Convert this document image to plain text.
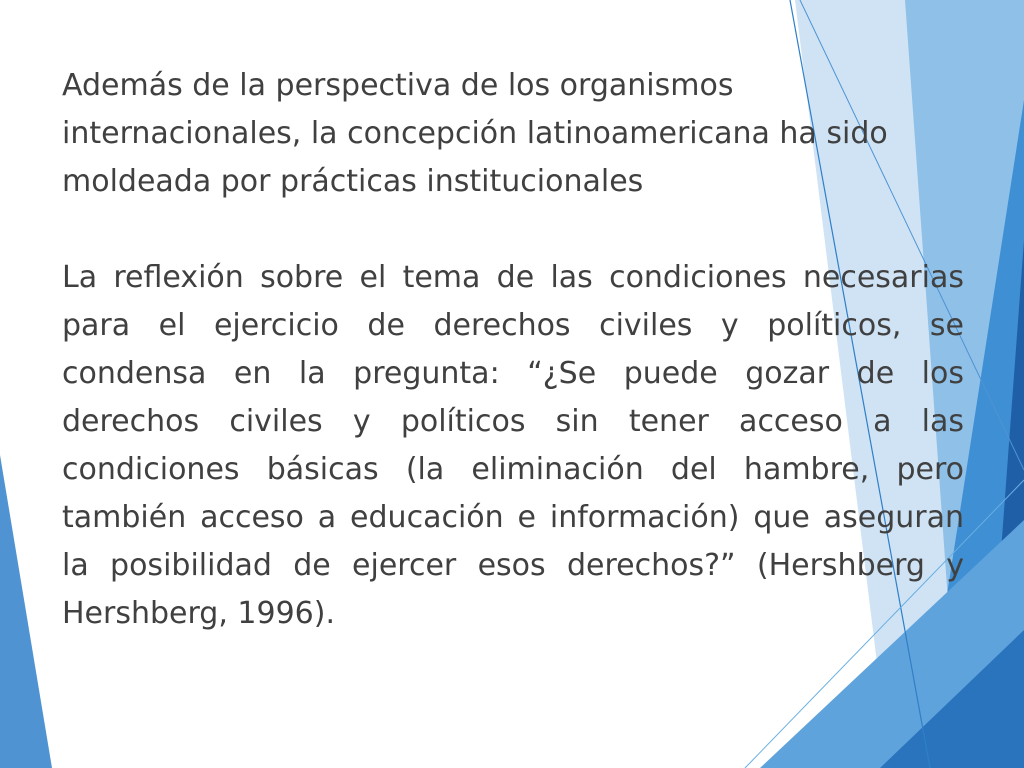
Además de la perspectiva de los organismos internacionales, la concepción latinoamericana ha sido moldeada por prácticas institucionales

La reflexión sobre el tema de las condiciones necesarias para el ejercicio de derechos civiles y políticos, se condensa en la pregunta: “¿Se puede gozar de los derechos civiles y políticos sin tener acceso a las condiciones básicas (la eliminación del hambre, pero también acceso a educación e información) que aseguran la posibilidad de ejercer esos derechos?” (Hershberg y Hershberg, 1996).
